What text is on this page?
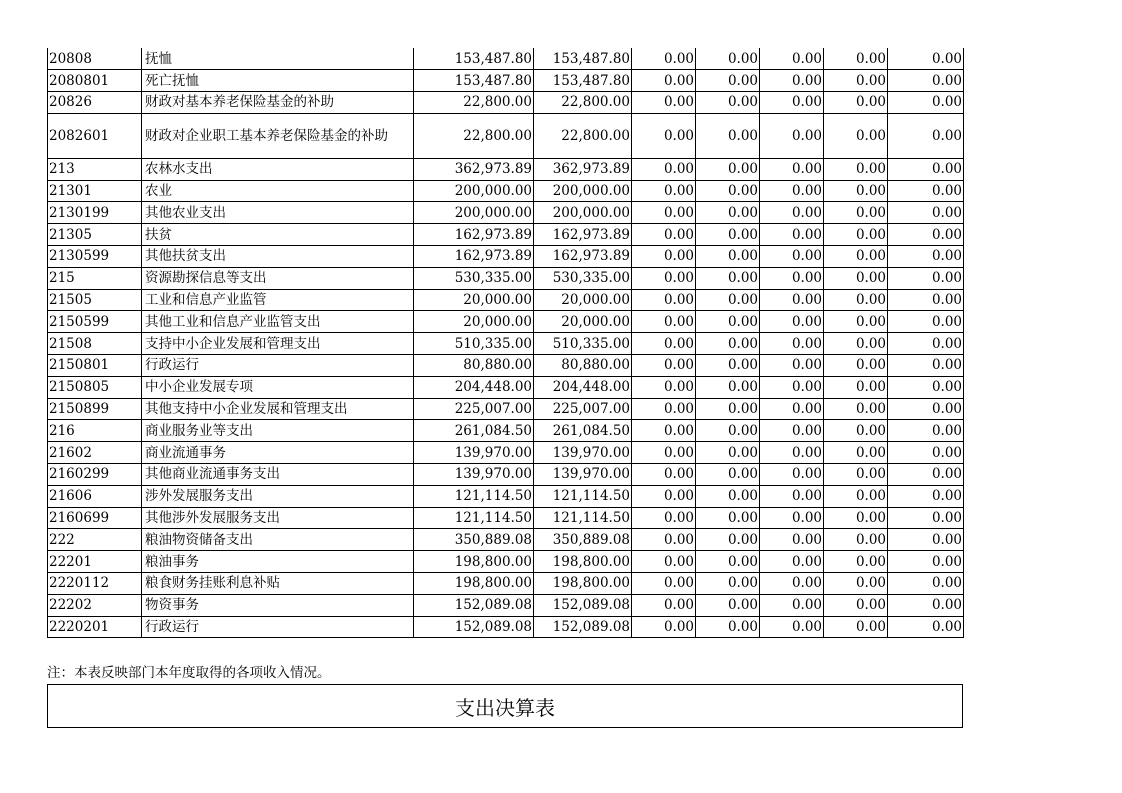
20808	抚恤	153,487.80	153,487.80	0.00	0.00	0.00	0.00	0.00
2080801	死亡抚恤	153,487.80	153,487.80	0.00	0.00	0.00	0.00	0.00
20826	财政对基本养老保险基金的补助	22,800.00	22,800.00	0.00	0.00	0.00	0.00	0.00
2082601	财政对企业职工基本养老保险基金的补助	22,800.00	22,800.00	0.00	0.00	0.00	0.00	0.00
213	农林水支出	362,973.89	362,973.89	0.00	0.00	0.00	0.00	0.00
21301	农业	200,000.00	200,000.00	0.00	0.00	0.00	0.00	0.00
2130199	其他农业支出	200,000.00	200,000.00	0.00	0.00	0.00	0.00	0.00
21305	扶贫	162,973.89	162,973.89	0.00	0.00	0.00	0.00	0.00
2130599	其他扶贫支出	162,973.89	162,973.89	0.00	0.00	0.00	0.00	0.00
215	资源勘探信息等支出	530,335.00	530,335.00	0.00	0.00	0.00	0.00	0.00
21505	工业和信息产业监管	20,000.00	20,000.00	0.00	0.00	0.00	0.00	0.00
2150599	其他工业和信息产业监管支出	20,000.00	20,000.00	0.00	0.00	0.00	0.00	0.00
21508	支持中小企业发展和管理支出	510,335.00	510,335.00	0.00	0.00	0.00	0.00	0.00
2150801	行政运行	80,880.00	80,880.00	0.00	0.00	0.00	0.00	0.00
2150805	中小企业发展专项	204,448.00	204,448.00	0.00	0.00	0.00	0.00	0.00
2150899	其他支持中小企业发展和管理支出	225,007.00	225,007.00	0.00	0.00	0.00	0.00	0.00
216	商业服务业等支出	261,084.50	261,084.50	0.00	0.00	0.00	0.00	0.00
21602	商业流通事务	139,970.00	139,970.00	0.00	0.00	0.00	0.00	0.00
2160299	其他商业流通事务支出	139,970.00	139,970.00	0.00	0.00	0.00	0.00	0.00
21606	涉外发展服务支出	121,114.50	121,114.50	0.00	0.00	0.00	0.00	0.00
2160699	其他涉外发展服务支出	121,114.50	121,114.50	0.00	0.00	0.00	0.00	0.00
222	粮油物资储备支出	350,889.08	350,889.08	0.00	0.00	0.00	0.00	0.00
22201	粮油事务	198,800.00	198,800.00	0.00	0.00	0.00	0.00	0.00
2220112	粮食财务挂账利息补贴	198,800.00	198,800.00	0.00	0.00	0.00	0.00	0.00
22202	物资事务	152,089.08	152,089.08	0.00	0.00	0.00	0.00	0.00
2220201	行政运行	152,089.08	152,089.08	0.00	0.00	0.00	0.00	0.00
注：本表反映部门本年度取得的各项收入情况。
支出决算表
